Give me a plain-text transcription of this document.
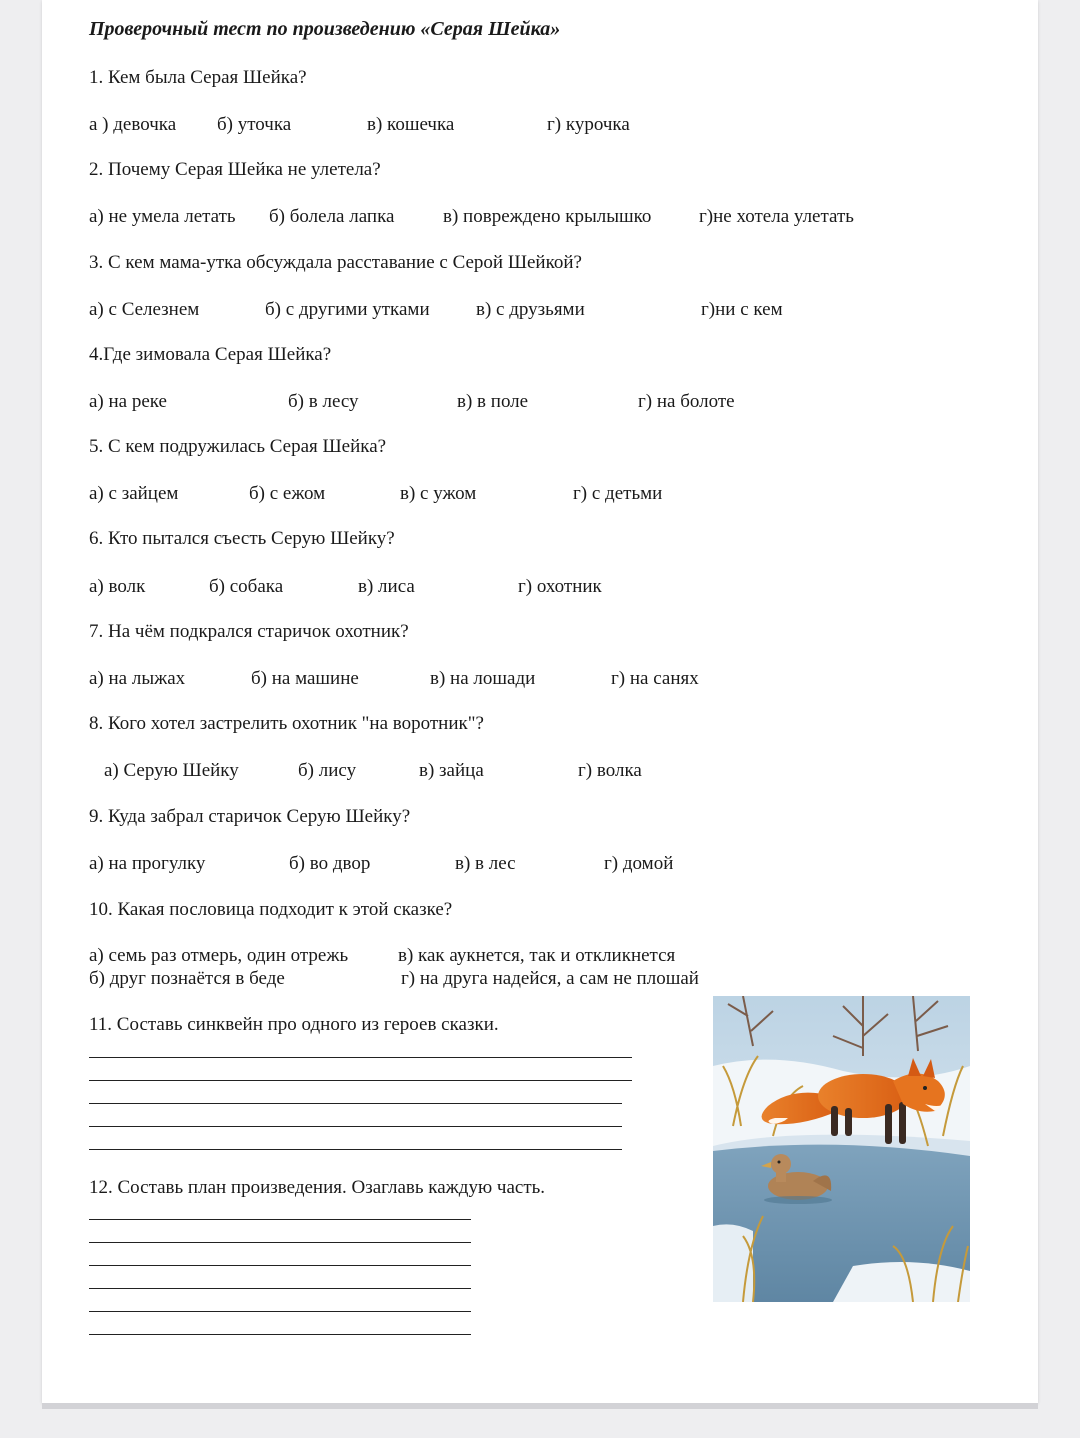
Проверочный тест по произведению «Серая Шейка»
1. Кем была Серая Шейка?
а ) девочка б) уточка	в) кошечка	г) курочка
2. Почему Серая Шейка не улетела?
а) не умела летать б) болела лапка	в) повреждено крылышко	г)не хотела улетать
3. С кем мама-утка обсуждала расставание с Серой Шейкой?
а) с Селезнем	б) с другими утками в) с друзьями	г)ни с кем
4.Где зимовала Серая Шейка?
а) на реке	б) в лесу	в) в поле	г) на болоте
5. С кем подружилась Серая Шейка?
а) с зайцем	б) с ежом	в) с ужом	г) с детьми
6. Кто пытался съесть Серую Шейку?
а) волк	б) собака	в) лиса	г) охотник
7. На чём подкрался старичок охотник?
а) на лыжах	б) на машине	в) на лошади	г) на санях
8. Кого хотел застрелить охотник "на воротник"?
а) Серую Шейку	б) лису	в) зайца	г) волка
9. Куда забрал старичок Серую Шейку?
а) на прогулку	б) во двор	в) в лес	г) домой
10. Какая пословица подходит к этой сказке?
а) семь раз отмерь, один отрежь	в) как аукнется, так и откликнется
б) друг познаётся в беде	г) на друга надейся, а сам не плошай
11. Составь синквейн про одного из героев сказки.
12. Составь план произведения. Озаглавь каждую часть.
